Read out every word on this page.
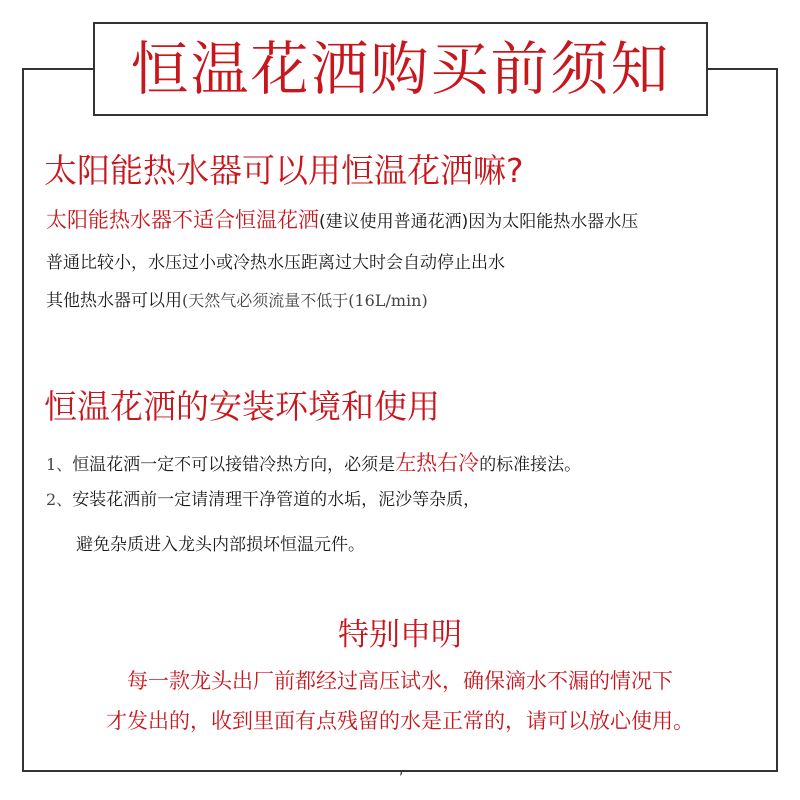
恒温花洒购买前须知
太阳能热水器可以用恒温花洒嘛?
太阳能热水器不适合恒温花洒(建议使用普通花洒)因为太阳能热水器水压
普通比较小，水压过小或冷热水压距离过大时会自动停止出水
其他热水器可以用(天然气必须流量不低于(16L/min)
恒温花洒的安装环境和使用
1、恒温花洒一定不可以接错冷热方向，必须是左热右冷的标准接法。
2、安装花洒前一定请清理干净管道的水垢，泥沙等杂质，
避免杂质进入龙头内部损坏恒温元件。
特别申明
每一款龙头出厂前都经过高压试水，确保滴水不漏的情况下
才发出的，收到里面有点残留的水是正常的，请可以放心使用。
,
